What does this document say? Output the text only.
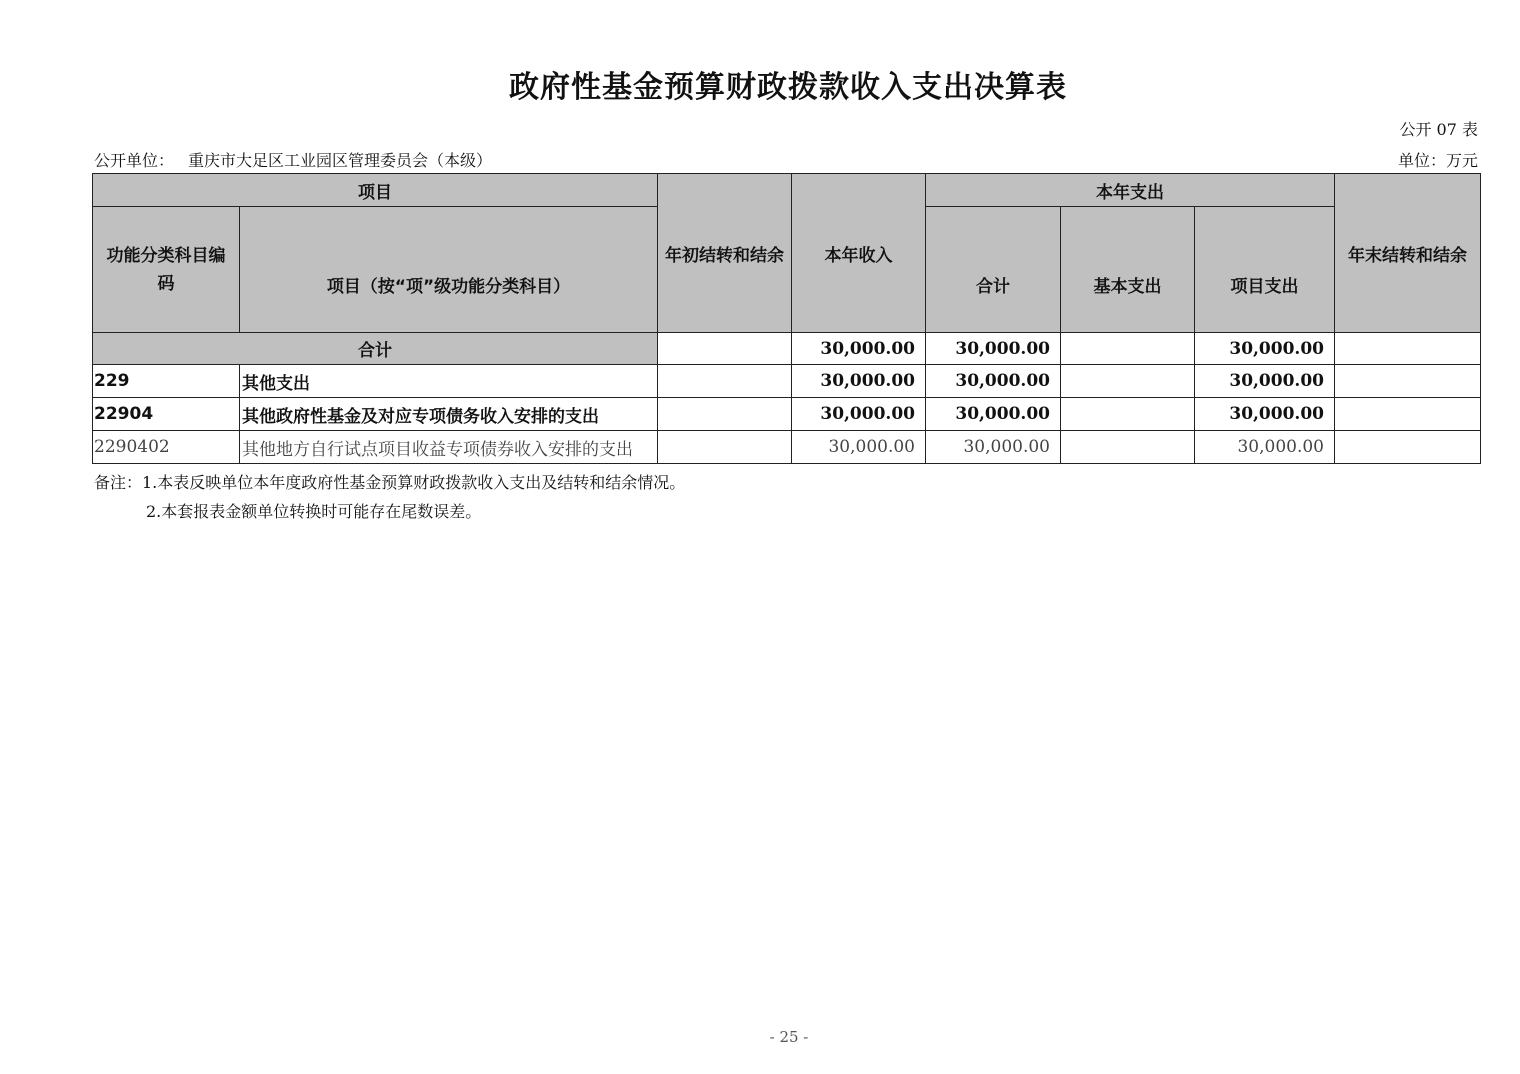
政府性基金预算财政拨款收入支出决算表
公开 07 表
公开单位： 重庆市大足区工业园区管理委员会（本级）	单位：万元
项目		年初结转和结余	本年收入	本年支出			年末结转和结余
功能分类科目编码	项目（按“项”级功能分类科目）			合计	基本支出	项目支出	
合计			30,000.00	30,000.00		30,000.00	
229	其他支出		30,000.00	30,000.00		30,000.00	
22904	其他政府性基金及对应专项债务收入安排的支出		30,000.00	30,000.00		30,000.00	
2290402	其他地方自行试点项目收益专项债券收入安排的支出		30,000.00	30,000.00		30,000.00	
备注：1.本表反映单位本年度政府性基金预算财政拨款收入支出及结转和结余情况。
2.本套报表金额单位转换时可能存在尾数误差。
- 25 -
